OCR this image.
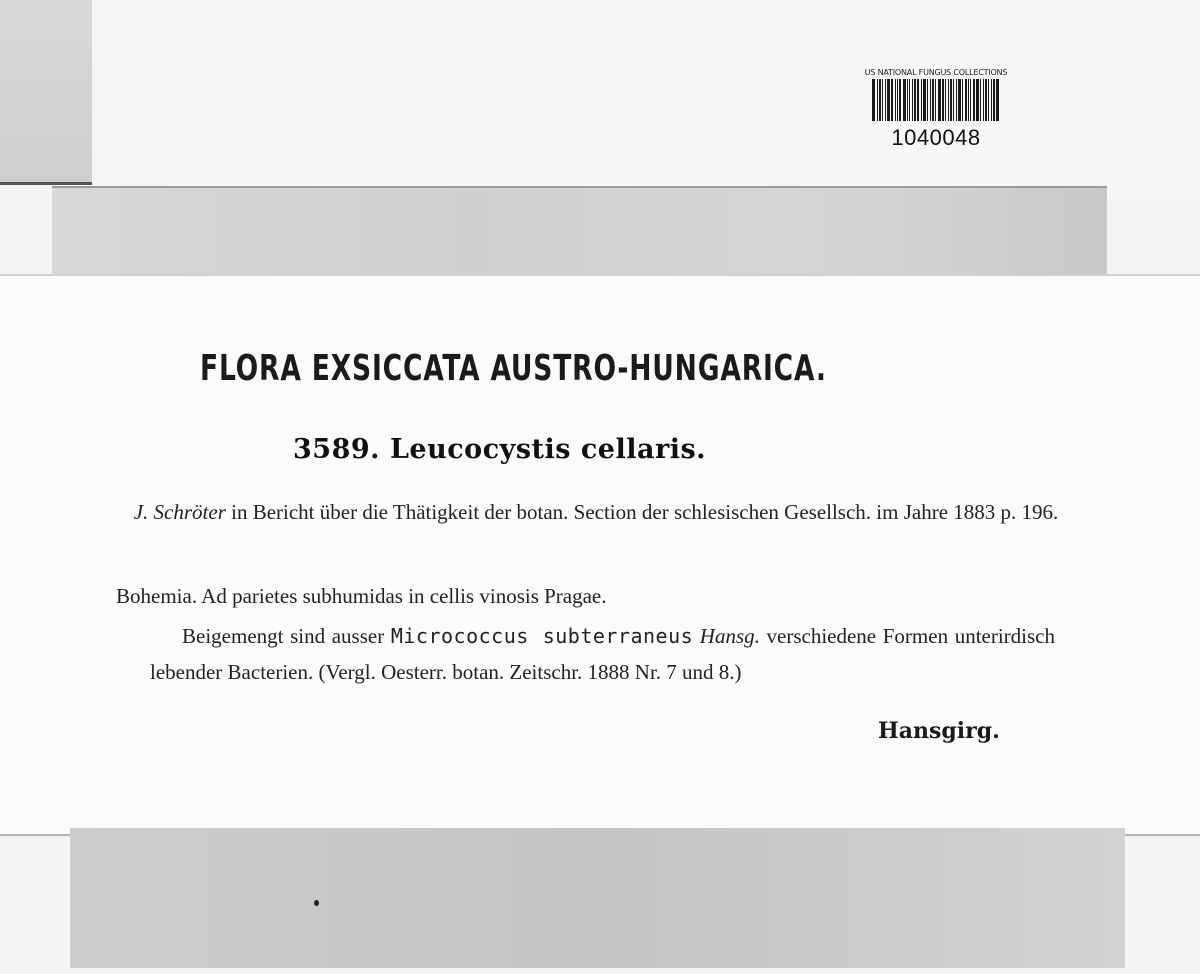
US NATIONAL FUNGUS COLLECTIONS
1040048
FLORA EXSICCATA AUSTRO-HUNGARICA.
3589. Leucocystis cellaris.
J. Schröter in Bericht über die Thätigkeit der botan. Section der schlesischen Gesellsch. im Jahre 1883 p. 196.
Bohemia. Ad parietes subhumidas in cellis vinosis Pragae.
Beigemengt sind ausser Micrococcus subterraneus Hansg. verschiedene Formen unterirdisch lebender Bacterien. (Vergl. Oesterr. botan. Zeitschr. 1888 Nr. 7 und 8.)
Hansgirg.
